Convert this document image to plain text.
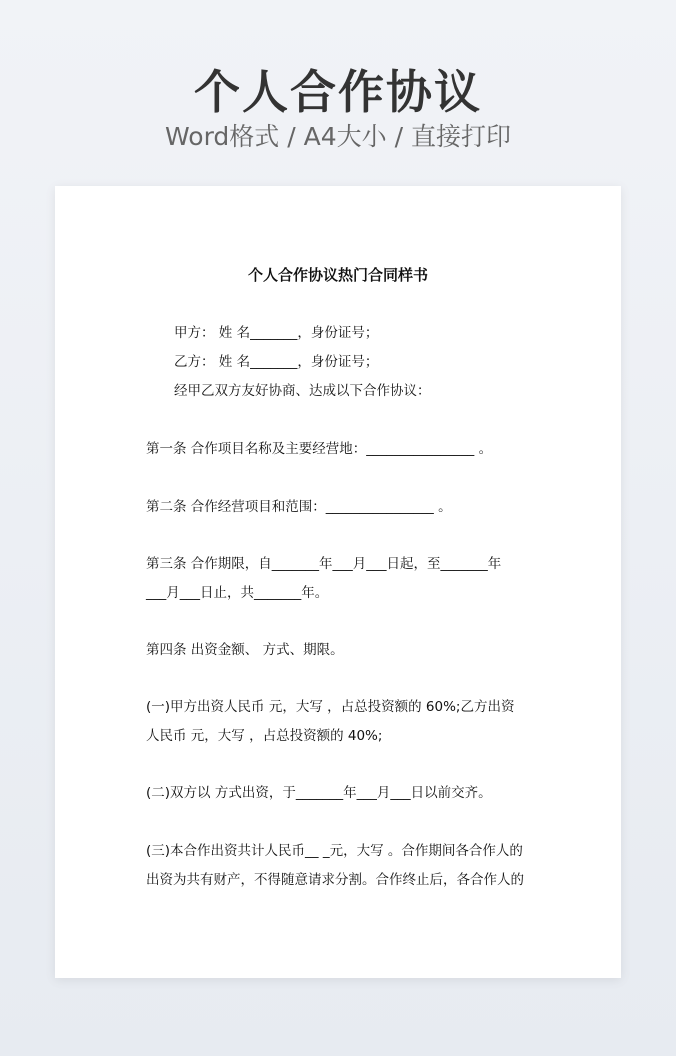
个人合作协议
Word格式 / A4大小 / 直接打印
个人合作协议热门合同样书
甲方： 姓 名_______，身份证号；
乙方： 姓 名_______，身份证号；
经甲乙双方友好协商、达成以下合作协议：
第一条 合作项目名称及主要经营地：________________ 。
第二条 合作经营项目和范围：________________ 。
第三条 合作期限，自_______年___月___日起，至_______年
___月___日止，共_______年。
第四条 出资金额、 方式、期限。
(一)甲方出资人民币 元，大写 ，占总投资额的 60%;乙方出资
人民币 元，大写 ，占总投资额的 40%;
(二)双方以 方式出资，于_______年___月___日以前交齐。
(三)本合作出资共计人民币__ _元，大写 。合作期间各合作人的
出资为共有财产，不得随意请求分割。合作终止后，各合作人的
